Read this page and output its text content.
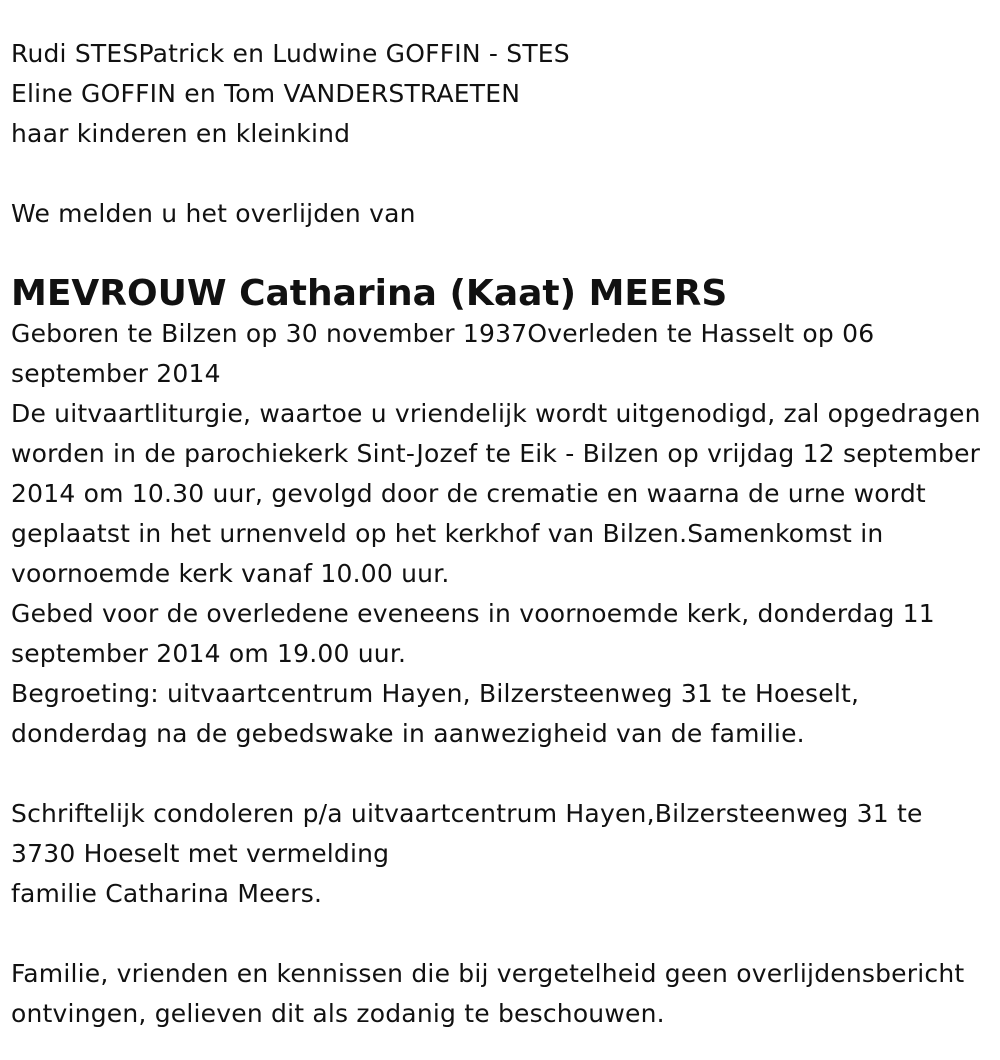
Rudi STESPatrick en Ludwine GOFFIN - STES
Eline GOFFIN en Tom VANDERSTRAETEN
haar kinderen en kleinkind
We melden u het overlijden van
MEVROUW Catharina (Kaat) MEERS
Geboren te Bilzen op 30 november 1937Overleden te Hasselt op 06 september 2014
De uitvaartliturgie, waartoe u vriendelijk wordt uitgenodigd, zal opgedragen worden in de parochiekerk Sint-Jozef te Eik - Bilzen op vrijdag 12 september 2014 om 10.30 uur, gevolgd door de crematie en waarna de urne wordt geplaatst in het urnenveld op het kerkhof van Bilzen.Samenkomst in voornoemde kerk vanaf 10.00 uur.
Gebed voor de overledene eveneens in voornoemde kerk, donderdag 11 september 2014 om 19.00 uur.
Begroeting: uitvaartcentrum Hayen, Bilzersteenweg 31 te Hoeselt, donderdag na de gebedswake in aanwezigheid van de familie.
Schriftelijk condoleren p/a uitvaartcentrum Hayen,Bilzersteenweg 31 te 3730 Hoeselt met vermelding
familie Catharina Meers.
Familie, vrienden en kennissen die bij vergetelheid geen overlijdensbericht ontvingen, gelieven dit als zodanig te beschouwen.
